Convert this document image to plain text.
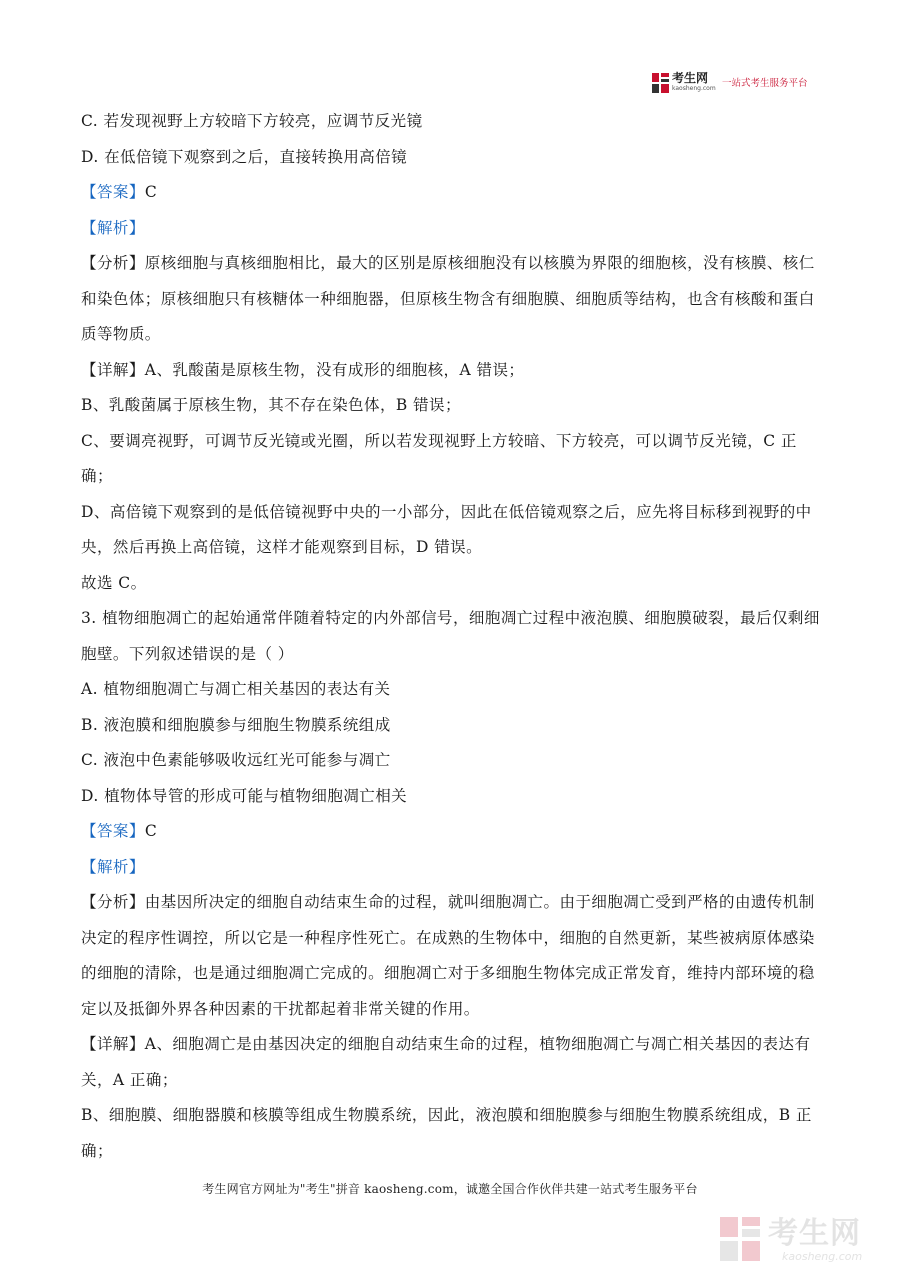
考生网
kaosheng.com 一站式考生服务平台
C. 若发现视野上方较暗下方较亮，应调节反光镜
D. 在低倍镜下观察到之后，直接转换用高倍镜
【答案】C
【解析】
【分析】原核细胞与真核细胞相比，最大的区别是原核细胞没有以核膜为界限的细胞核，没有核膜、核仁
和染色体；原核细胞只有核糖体一种细胞器，但原核生物含有细胞膜、细胞质等结构，也含有核酸和蛋白
质等物质。
【详解】A、乳酸菌是原核生物，没有成形的细胞核，A 错误；
B、乳酸菌属于原核生物，其不存在染色体，B 错误；
C、要调亮视野，可调节反光镜或光圈，所以若发现视野上方较暗、下方较亮，可以调节反光镜，C 正
确；
D、高倍镜下观察到的是低倍镜视野中央的一小部分，因此在低倍镜观察之后，应先将目标移到视野的中
央，然后再换上高倍镜，这样才能观察到目标，D 错误。
故选 C。
3. 植物细胞凋亡的起始通常伴随着特定的内外部信号，细胞凋亡过程中液泡膜、细胞膜破裂，最后仅剩细
胞壁。下列叙述错误的是（ ）
A. 植物细胞凋亡与凋亡相关基因的表达有关
B. 液泡膜和细胞膜参与细胞生物膜系统组成
C. 液泡中色素能够吸收远红光可能参与凋亡
D. 植物体导管的形成可能与植物细胞凋亡相关
【答案】C
【解析】
【分析】由基因所决定的细胞自动结束生命的过程，就叫细胞凋亡。由于细胞凋亡受到严格的由遗传机制
决定的程序性调控，所以它是一种程序性死亡。在成熟的生物体中，细胞的自然更新，某些被病原体感染
的细胞的清除，也是通过细胞凋亡完成的。细胞凋亡对于多细胞生物体完成正常发育，维持内部环境的稳
定以及抵御外界各种因素的干扰都起着非常关键的作用。
【详解】A、细胞凋亡是由基因决定的细胞自动结束生命的过程，植物细胞凋亡与凋亡相关基因的表达有
关，A 正确；
B、细胞膜、细胞器膜和核膜等组成生物膜系统，因此，液泡膜和细胞膜参与细胞生物膜系统组成，B 正
确；
考生网官方网址为"考生"拼音 kaosheng.com，诚邀全国合作伙伴共建一站式考生服务平台
考生网
kaosheng.com
